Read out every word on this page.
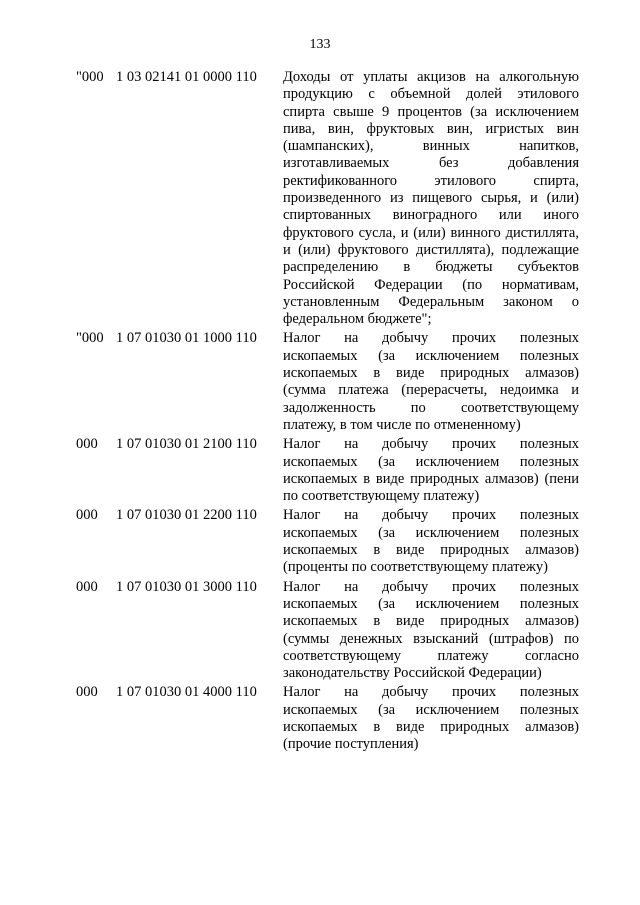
133
"000 1 03 02141 01 0000 110 Доходы от уплаты акцизов на алкогольную
продукцию с объемной долей этилового
спирта свыше 9 процентов (за исключением
пива, вин, фруктовых вин, игристых вин
(шампанских), винных напитков,
изготавливаемых без добавления
ректификованного этилового спирта,
произведенного из пищевого сырья, и (или)
спиртованных виноградного или иного
фруктового сусла, и (или) винного дистиллята,
и (или) фруктового дистиллята), подлежащие
распределению в бюджеты субъектов
Российской Федерации (по нормативам,
установленным Федеральным законом о
федеральном бюджете";
"000 1 07 01030 01 1000 110 Налог на добычу прочих полезных
ископаемых (за исключением полезных
ископаемых в виде природных алмазов)
(сумма платежа (перерасчеты, недоимка и
задолженность по соответствующему
платежу, в том числе по отмененному)
000 1 07 01030 01 2100 110 Налог на добычу прочих полезных
ископаемых (за исключением полезных
ископаемых в виде природных алмазов) (пени
по соответствующему платежу)
000 1 07 01030 01 2200 110 Налог на добычу прочих полезных
ископаемых (за исключением полезных
ископаемых в виде природных алмазов)
(проценты по соответствующему платежу)
000 1 07 01030 01 3000 110 Налог на добычу прочих полезных
ископаемых (за исключением полезных
ископаемых в виде природных алмазов)
(суммы денежных взысканий (штрафов) по
соответствующему платежу согласно
законодательству Российской Федерации)
000 1 07 01030 01 4000 110 Налог на добычу прочих полезных
ископаемых (за исключением полезных
ископаемых в виде природных алмазов)
(прочие поступления)
